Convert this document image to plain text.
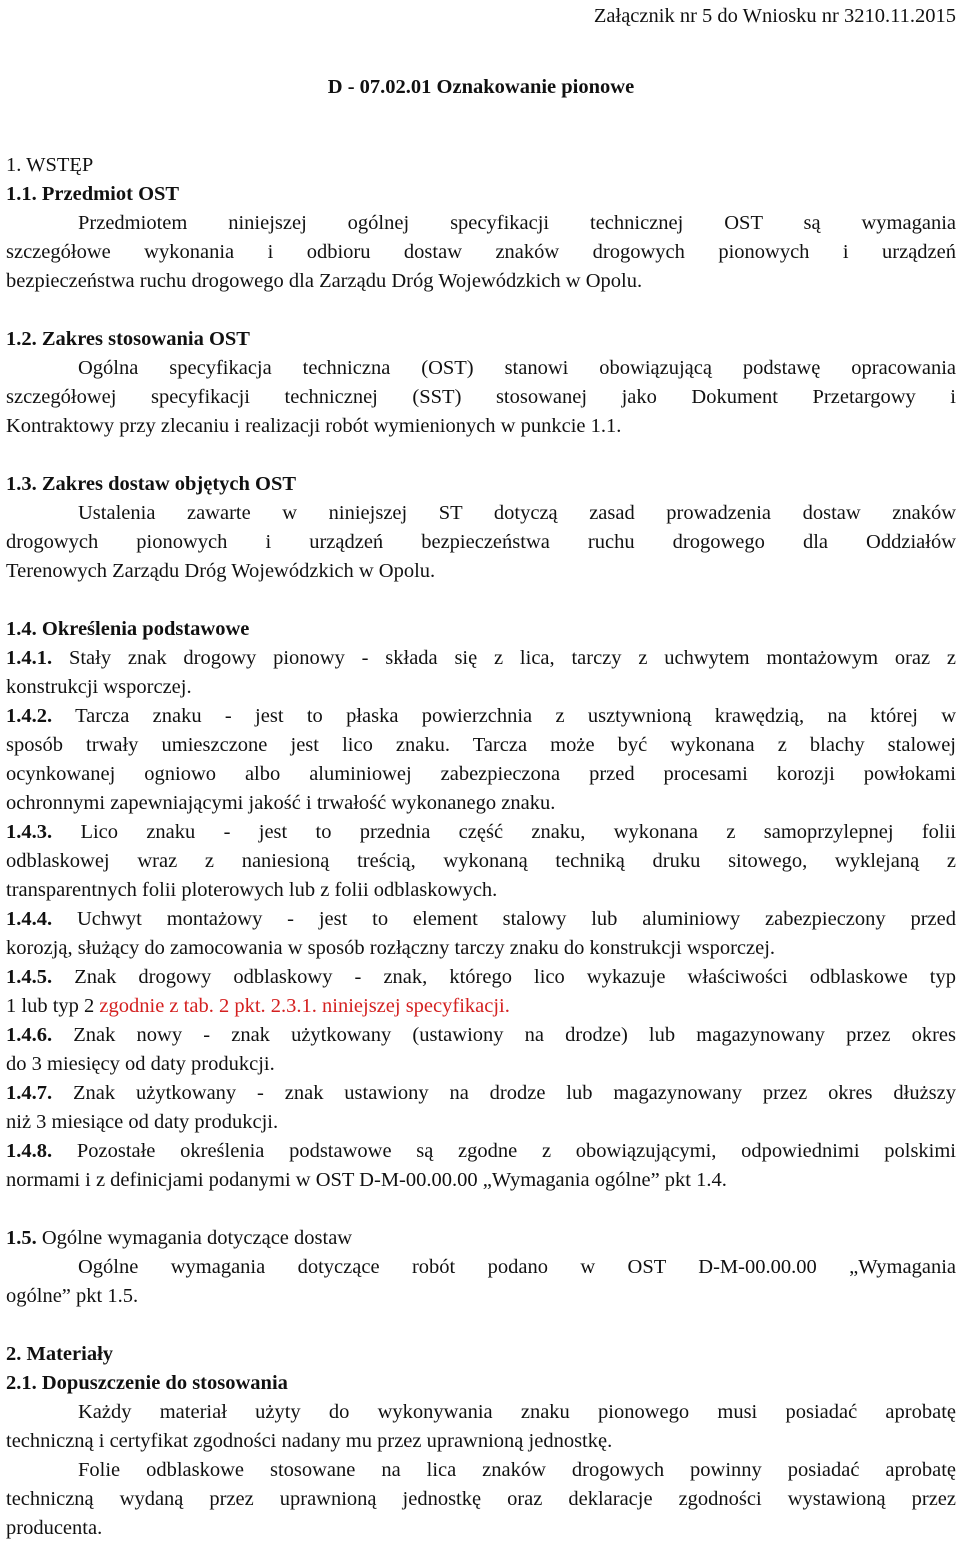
Załącznik nr 5 do Wniosku nr 3210.11.2015
D - 07.02.01 Oznakowanie pionowe
1. WSTĘP
1.1. Przedmiot OST
Przedmiotem niniejszej ogólnej specyfikacji technicznej OST są wymagania
szczegółowe wykonania i odbioru dostaw znaków drogowych pionowych i urządzeń
bezpieczeństwa ruchu drogowego dla Zarządu Dróg Wojewódzkich w Opolu.
1.2. Zakres stosowania OST
Ogólna specyfikacja techniczna (OST) stanowi obowiązującą podstawę opracowania
szczegółowej specyfikacji technicznej (SST) stosowanej jako Dokument Przetargowy i
Kontraktowy przy zlecaniu i realizacji robót wymienionych w punkcie 1.1.
1.3. Zakres dostaw objętych OST
Ustalenia zawarte w niniejszej ST dotyczą zasad prowadzenia dostaw znaków
drogowych pionowych i urządzeń bezpieczeństwa ruchu drogowego dla Oddziałów
Terenowych Zarządu Dróg Wojewódzkich w Opolu.
1.4. Określenia podstawowe
1.4.1. Stały znak drogowy pionowy - składa się z lica, tarczy z uchwytem montażowym oraz z
konstrukcji wsporczej.
1.4.2. Tarcza znaku - jest to płaska powierzchnia z usztywnioną krawędzią, na której w
sposób trwały umieszczone jest lico znaku. Tarcza może być wykonana z blachy stalowej
ocynkowanej ogniowo albo aluminiowej zabezpieczona przed procesami korozji powłokami
ochronnymi zapewniającymi jakość i trwałość wykonanego znaku.
1.4.3. Lico znaku - jest to przednia część znaku, wykonana z samoprzylepnej folii
odblaskowej wraz z naniesioną treścią, wykonaną techniką druku sitowego, wyklejaną z
transparentnych folii ploterowych lub z folii odblaskowych.
1.4.4. Uchwyt montażowy - jest to element stalowy lub aluminiowy zabezpieczony przed
korozją, służący do zamocowania w sposób rozłączny tarczy znaku do konstrukcji wsporczej.
1.4.5. Znak drogowy odblaskowy - znak, którego lico wykazuje właściwości odblaskowe typ
1 lub typ 2 zgodnie z tab. 2 pkt. 2.3.1. niniejszej specyfikacji.
1.4.6. Znak nowy - znak użytkowany (ustawiony na drodze) lub magazynowany przez okres
do 3 miesięcy od daty produkcji.
1.4.7. Znak użytkowany - znak ustawiony na drodze lub magazynowany przez okres dłuższy
niż 3 miesiące od daty produkcji.
1.4.8. Pozostałe określenia podstawowe są zgodne z obowiązującymi, odpowiednimi polskimi
normami i z definicjami podanymi w OST D-M-00.00.00 „Wymagania ogólne” pkt 1.4.
1.5. Ogólne wymagania dotyczące dostaw
Ogólne wymagania dotyczące robót podano w OST D-M-00.00.00 „Wymagania
ogólne” pkt 1.5.
2. Materiały
2.1. Dopuszczenie do stosowania
Każdy materiał użyty do wykonywania znaku pionowego musi posiadać aprobatę
techniczną i certyfikat zgodności nadany mu przez uprawnioną jednostkę.
Folie odblaskowe stosowane na lica znaków drogowych powinny posiadać aprobatę
techniczną wydaną przez uprawnioną jednostkę oraz deklaracje zgodności wystawioną przez
producenta.
